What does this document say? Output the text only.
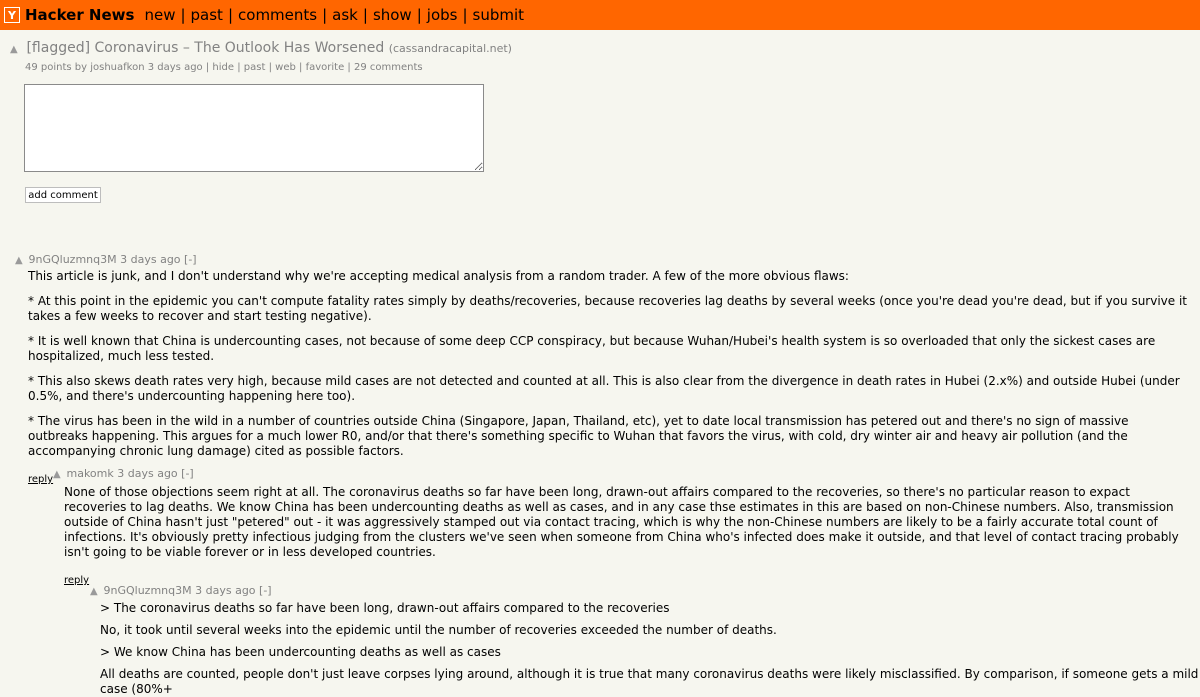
Y Hacker News new | past | comments | ask | show | jobs | submit
▲ [flagged] Coronavirus – The Outlook Has Worsened (cassandracapital.net)
49 points by joshuafkon 3 days ago | hide | past | web | favorite | 29 comments
add comment
▲ 9nGQluzmnq3M 3 days ago [-]

This article is junk, and I don't understand why we're accepting medical analysis from a random trader. A few of the more obvious flaws:

* At this point in the epidemic you can't compute fatality rates simply by deaths/recoveries, because recoveries lag deaths by several weeks (once you're dead you're dead, but if you survive it takes a few weeks to recover and start testing negative).

* It is well known that China is undercounting cases, not because of some deep CCP conspiracy, but because Wuhan/Hubei's health system is so overloaded that only the sickest cases are hospitalized, much less tested.

* This also skews death rates very high, because mild cases are not detected and counted at all. This is also clear from the divergence in death rates in Hubei (2.x%) and outside Hubei (under 0.5%, and there's undercounting happening here too).

* The virus has been in the wild in a number of countries outside China (Singapore, Japan, Thailand, etc), yet to date local transmission has petered out and there's no sign of massive outbreaks happening. This argues for a much lower R0, and/or that there's something specific to Wuhan that favors the virus, with cold, dry winter air and heavy air pollution (and the accompanying chronic lung damage) cited as possible factors.

reply ▲ makomk 3 days ago [-]

None of those objections seem right at all. The coronavirus deaths so far have been long, drawn-out affairs compared to the recoveries, so there's no particular reason to expact recoveries to lag deaths. We know China has been undercounting deaths as well as cases, and in any case thse estimates in this are based on non-Chinese numbers. Also, transmission outside of China hasn't just "petered" out - it was aggressively stamped out via contact tracing, which is why the non-Chinese numbers are likely to be a fairly accurate total count of infections. It's obviously pretty infectious judging from the clusters we've seen when someone from China who's infected does make it outside, and that level of contact tracing probably isn't going to be viable forever or in less developed countries.

reply
▲ 9nGQluzmnq3M 3 days ago [-]

> The coronavirus deaths so far have been long, drawn-out affairs compared to the recoveries

No, it took until several weeks into the epidemic until the number of recoveries exceeded the number of deaths.

> We know China has been undercounting deaths as well as cases

All deaths are counted, people don't just leave corpses lying around, although it is true that many coronavirus deaths were likely misclassified. By comparison, if someone gets a mild case (80%+
